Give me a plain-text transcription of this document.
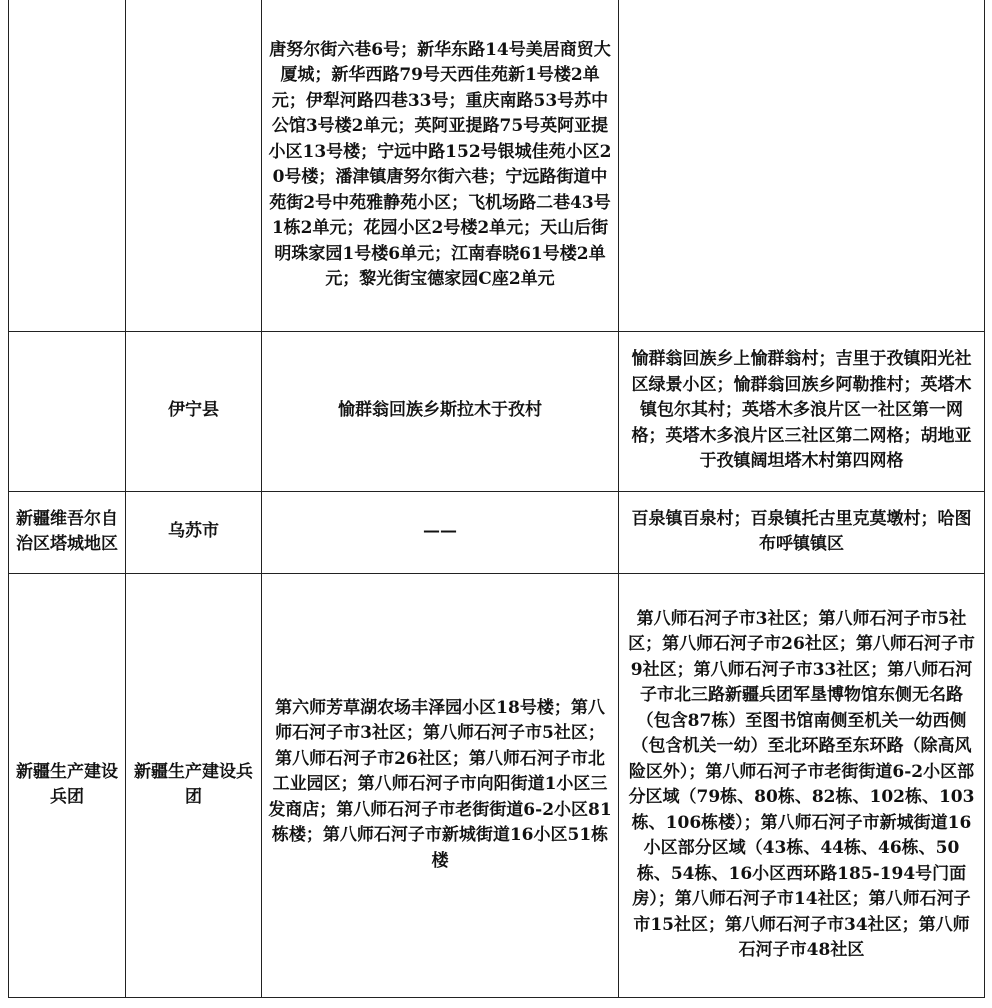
		唐努尔街六巷6号；新华东路14号美居商贸大厦城；新华西路79号天西佳苑新1号楼2单元；伊犁河路四巷33号；重庆南路53号苏中公馆3号楼2单元；英阿亚提路75号英阿亚提小区13号楼；宁远中路152号银城佳苑小区20号楼；潘津镇唐努尔街六巷；宁远路街道中苑街2号中苑雅静苑小区；飞机场路二巷43号1栋2单元；花园小区2号楼2单元；天山后街明珠家园1号楼6单元；江南春晓61号楼2单元；黎光街宝德家园C座2单元	
	伊宁县	愉群翁回族乡斯拉木于孜村	愉群翁回族乡上愉群翁村；吉里于孜镇阳光社区绿景小区；愉群翁回族乡阿勒推村；英塔木镇包尔其村；英塔木多浪片区一社区第一网格；英塔木多浪片区三社区第二网格；胡地亚于孜镇阔坦塔木村第四网格
新疆维吾尔自治区塔城地区	乌苏市	——	百泉镇百泉村；百泉镇托古里克莫墩村；哈图布呼镇镇区
新疆生产建设兵团	新疆生产建设兵团	第六师芳草湖农场丰泽园小区18号楼；第八师石河子市3社区；第八师石河子市5社区；第八师石河子市26社区；第八师石河子市北工业园区；第八师石河子市向阳街道1小区三发商店；第八师石河子市老街街道6-2小区81栋楼；第八师石河子市新城街道16小区51栋楼	第八师石河子市3社区；第八师石河子市5社区；第八师石河子市26社区；第八师石河子市9社区；第八师石河子市33社区；第八师石河子市北三路新疆兵团军垦博物馆东侧无名路（包含87栋）至图书馆南侧至机关一幼西侧（包含机关一幼）至北环路至东环路（除高风险区外）；第八师石河子市老街街道6-2小区部分区域（79栋、80栋、82栋、102栋、103栋、106栋楼）；第八师石河子市新城街道16小区部分区域（43栋、44栋、46栋、50栋、54栋、16小区西环路185-194号门面房）；第八师石河子市14社区；第八师石河子市15社区；第八师石河子市34社区；第八师石河子市48社区
